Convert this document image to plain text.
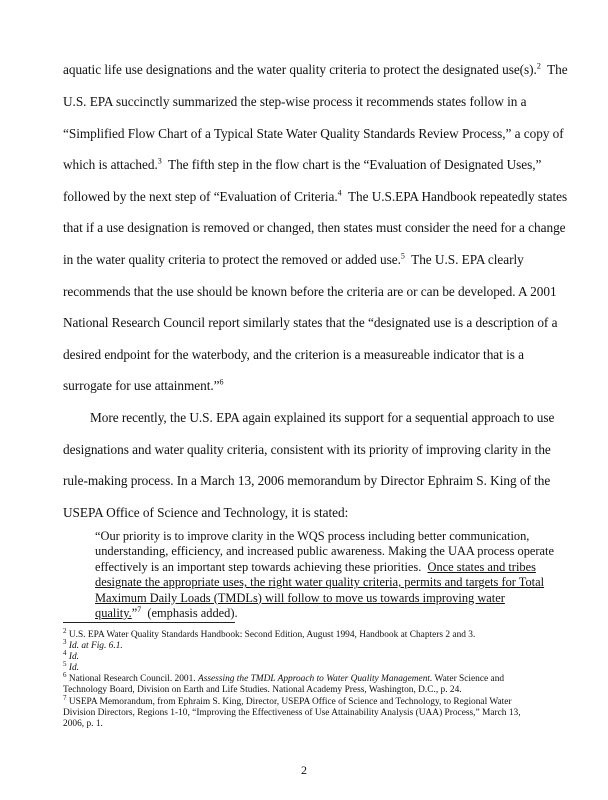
aquatic life use designations and the water quality criteria to protect the designated use(s).$^2$ The
U.S. EPA succinctly summarized the step-wise process it recommends states follow in a
“Simplified Flow Chart of a Typical State Water Quality Standards Review Process,” a copy of
which is attached.$^3$ The fifth step in the flow chart is the “Evaluation of Designated Uses,”
followed by the next step of “Evaluation of Criteria.$^4$ The U.S.EPA Handbook repeatedly states
that if a use designation is removed or changed, then states must consider the need for a change
in the water quality criteria to protect the removed or added use.$^5$ The U.S. EPA clearly
recommends that the use should be known before the criteria are or can be developed. A 2001
National Research Council report similarly states that the “designated use is a description of a
desired endpoint for the waterbody, and the criterion is a measureable indicator that is a
surrogate for use attainment.”$^6$
More recently, the U.S. EPA again explained its support for a sequential approach to use
designations and water quality criteria, consistent with its priority of improving clarity in the
rule-making process. In a March 13, 2006 memorandum by Director Ephraim S. King of the
USEPA Office of Science and Technology, it is stated:
“Our priority is to improve clarity in the WQS process including better communication, understanding, efficiency, and increased public awareness. Making the UAA process operate effectively is an important step towards achieving these priorities. Once states and tribes designate the appropriate uses, the right water quality criteria, permits and targets for Total Maximum Daily Loads (TMDLs) will follow to move us towards improving water quality.”$^7$ (emphasis added).
$^2$ U.S. EPA Water Quality Standards Handbook: Second Edition, August 1994, Handbook at Chapters 2 and 3.
$^3$ Id. at Fig. 6.1.
$^4$ Id.
$^5$ Id.
$^6$ National Research Council. 2001. Assessing the TMDL Approach to Water Quality Management. Water Science and Technology Board, Division on Earth and Life Studies. National Academy Press, Washington, D.C., p. 24.
$^7$ USEPA Memorandum, from Ephraim S. King, Director, USEPA Office of Science and Technology, to Regional Water Division Directors, Regions 1-10, “Improving the Effectiveness of Use Attainability Analysis (UAA) Process,” March 13, 2006, p. 1.
2
